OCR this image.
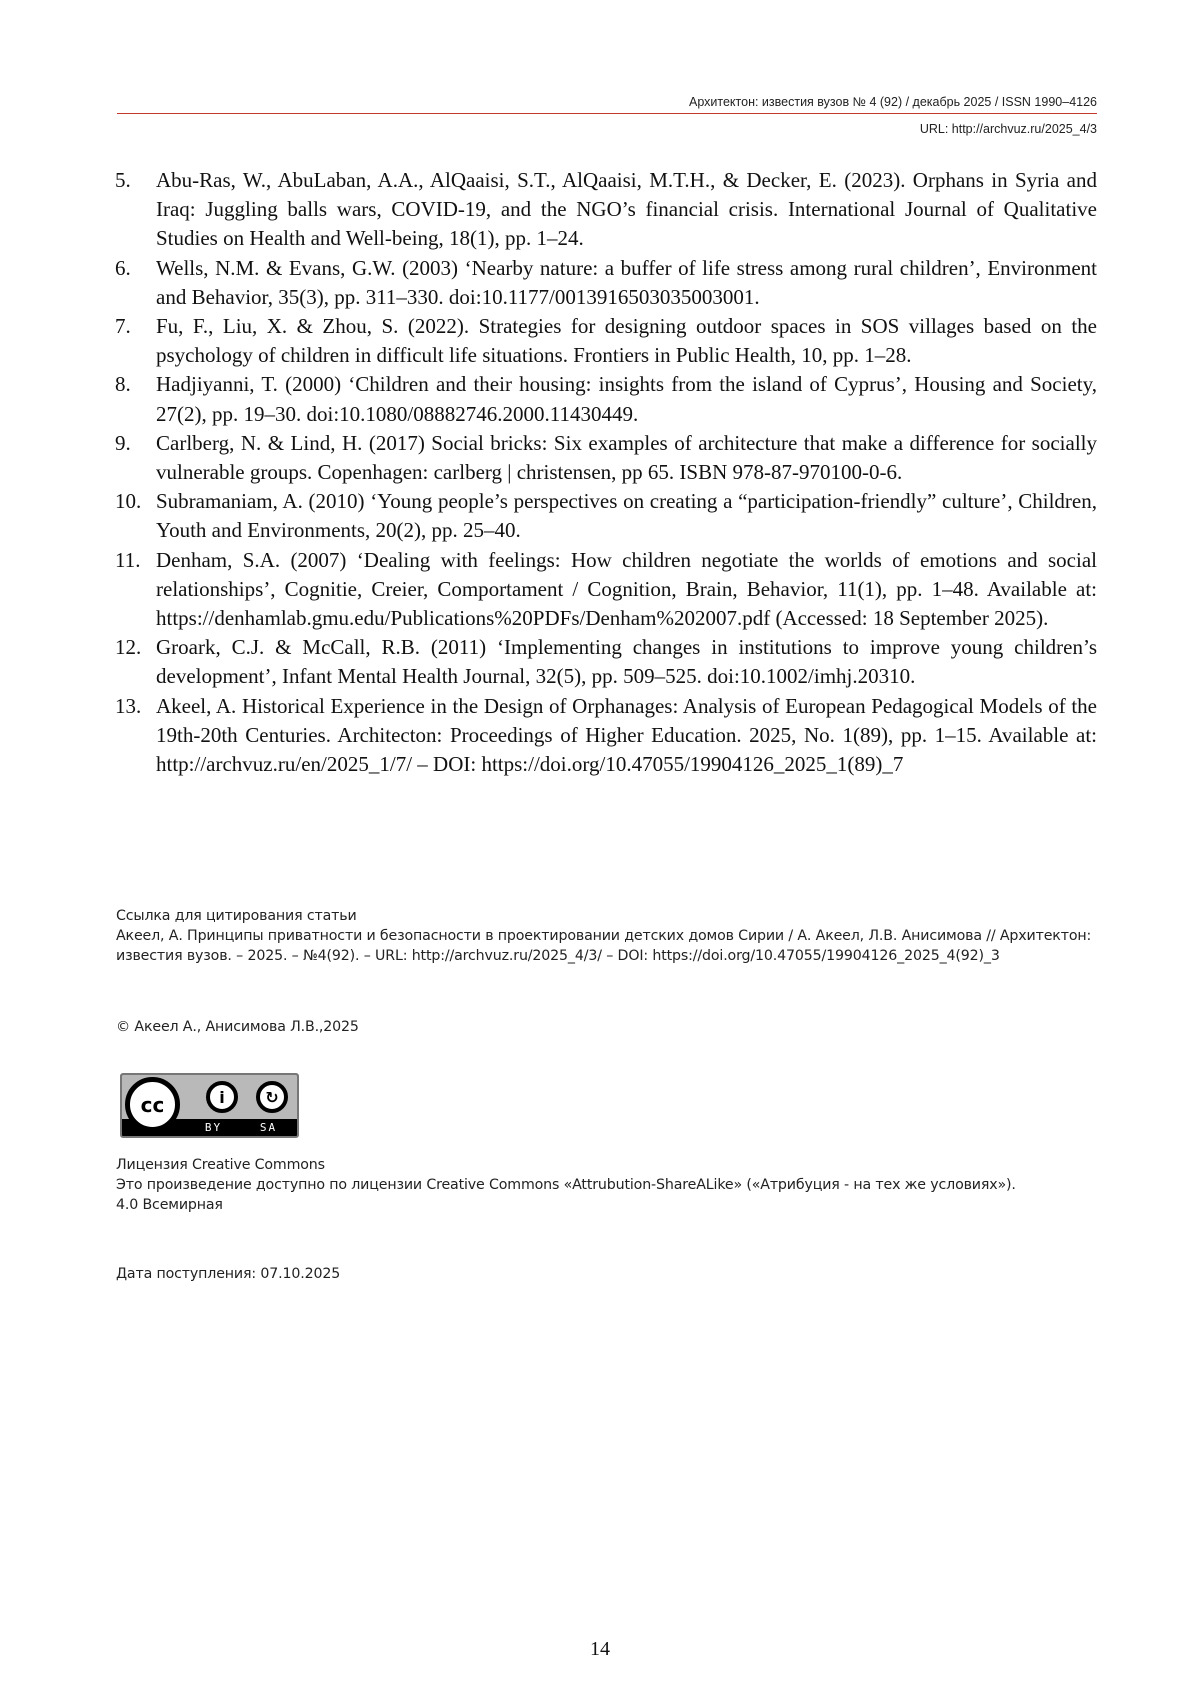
Архитектон: известия вузов № 4 (92) / декабрь 2025 / ISSN 1990–4126
URL: http://archvuz.ru/2025_4/3
5.	Abu-Ras, W., AbuLaban, A.A., AlQaaisi, S.T., AlQaaisi, M.T.H., & Decker, E. (2023). Orphans in Syria and Iraq: Juggling balls wars, COVID-19, and the NGO’s financial crisis. International Journal of Qualitative Studies on Health and Well-being, 18(1), pp. 1–24.
6.	Wells, N.M. & Evans, G.W. (2003) ‘Nearby nature: a buffer of life stress among rural children’, Environment and Behavior, 35(3), pp. 311–330. doi:10.1177/0013916503035003001.
7.	Fu, F., Liu, X. & Zhou, S. (2022). Strategies for designing outdoor spaces in SOS villages based on the psychology of children in difficult life situations. Frontiers in Public Health, 10, pp. 1–28.
8.	Hadjiyanni, T. (2000) ‘Children and their housing: insights from the island of Cyprus’, Housing and Society, 27(2), pp. 19–30. doi:10.1080/08882746.2000.11430449.
9.	Carlberg, N. & Lind, H. (2017) Social bricks: Six examples of architecture that make a difference for socially vulnerable groups. Copenhagen: carlberg | christensen, pp 65. ISBN 978-87-970100-0-6.
10. Subramaniam, A. (2010) ‘Young people’s perspectives on creating a “participation-friendly” culture’, Children, Youth and Environments, 20(2), pp. 25–40.
11. Denham, S.A. (2007) ‘Dealing with feelings: How children negotiate the worlds of emotions and social relationships’, Cognitie, Creier, Comportament / Cognition, Brain, Behavior, 11(1), pp. 1–48. Available at: https://denhamlab.gmu.edu/Publications%20PDFs/Denham%202007.pdf (Accessed: 18 September 2025).
12. Groark, C.J. & McCall, R.B. (2011) ‘Implementing changes in institutions to improve young children’s development’, Infant Mental Health Journal, 32(5), pp. 509–525. doi:10.1002/imhj.20310.
13. Akeel, A. Historical Experience in the Design of Orphanages: Analysis of European Pedagogical Models of the 19th-20th Centuries. Architecton: Proceedings of Higher Education. 2025, No. 1(89), pp. 1–15. Available at: http://archvuz.ru/en/2025_1/7/ – DOI: https://doi.org/10.47055/19904126_2025_1(89)_7
Ссылка для цитирования статьи
Акеел, А. Принципы приватности и безопасности в проектировании детских домов Сирии / А. Акеел, Л.В. Анисимова // Архитектон: известия вузов. – 2025. – №4(92). – URL: http://archvuz.ru/2025_4/3/ – DOI: https://doi.org/10.47055/19904126_2025_4(92)_3
© Акеел А., Анисимова Л.В.,2025
cc	i	↻
BY	SA
Лицензия Creative Commons
Это произведение доступно по лицензии Creative Commons «Attrubution-ShareALike» («Атрибуция - на тех же условиях»).
4.0 Всемирная
Дата поступления: 07.10.2025
14
